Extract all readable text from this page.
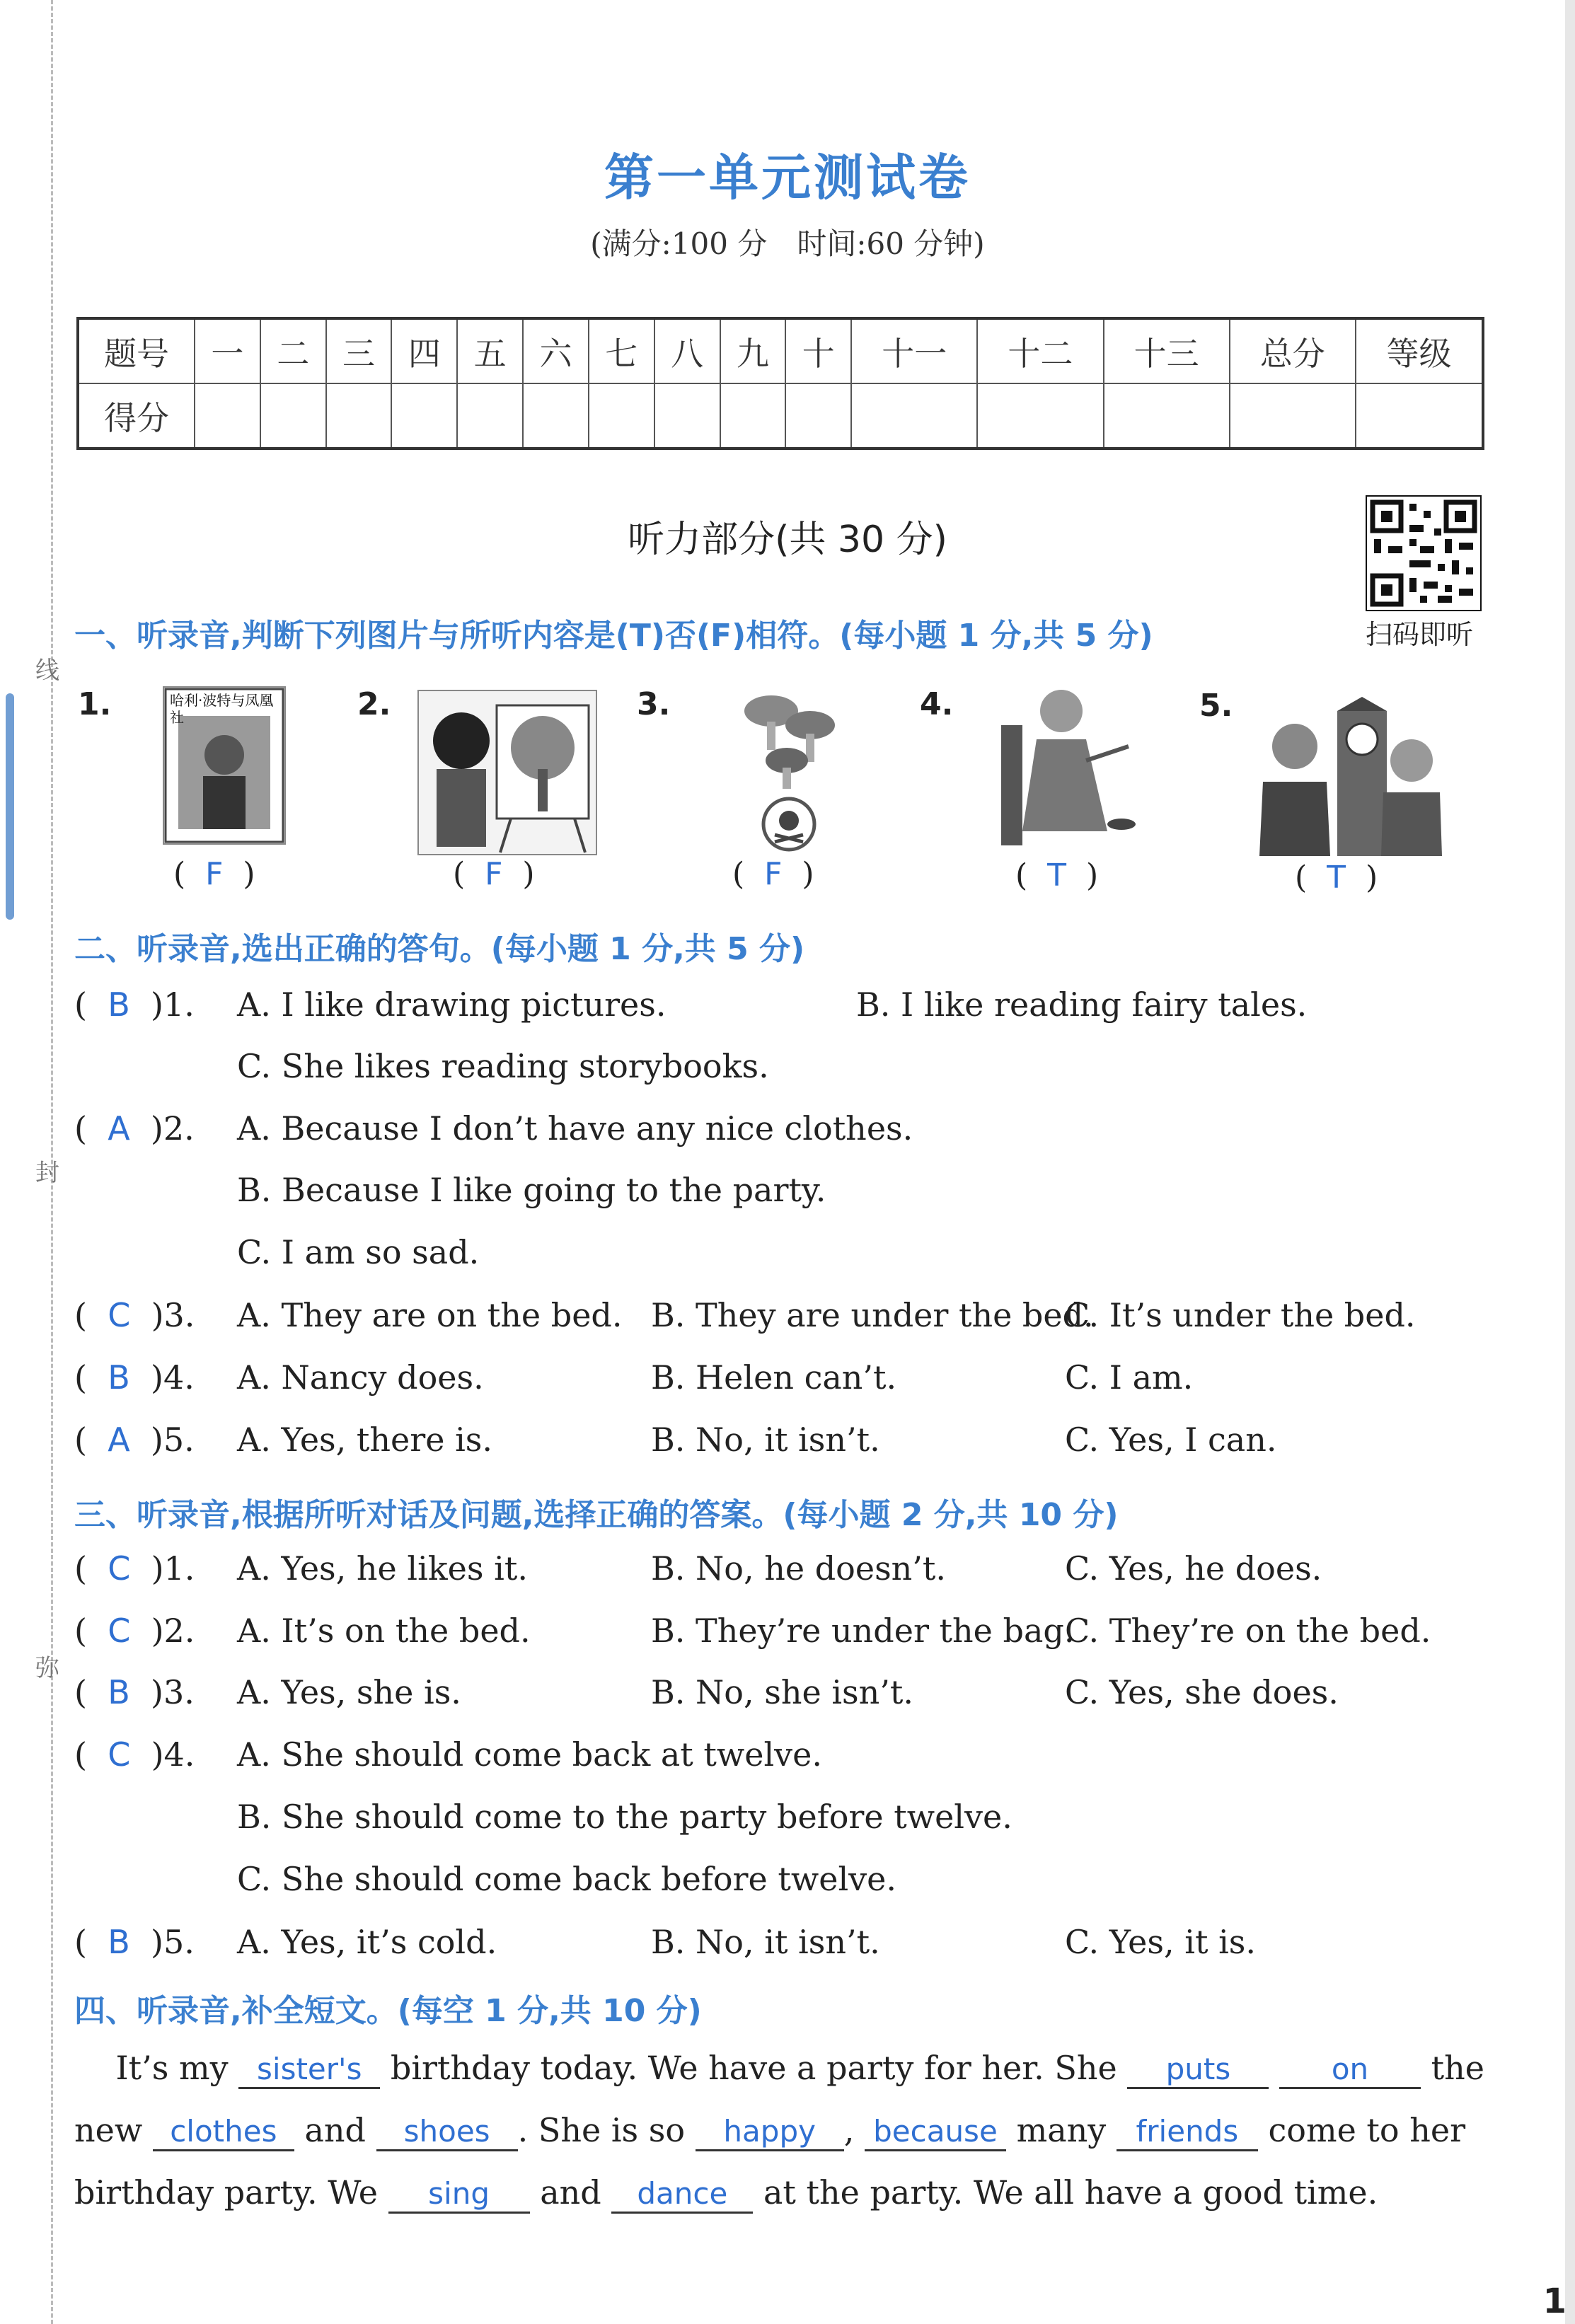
线
封
弥
1
第一单元测试卷
(满分:100 分　时间:60 分钟)
题号	一	二	三	四	五	六	七	八	九	十	十一	十二	十三	总分	等级
得分															
听力部分(共 30 分)
扫码即听
一、听录音,判断下列图片与所听内容是(T)否(F)相符。(每小题 1 分,共 5 分)
1.	哈利·波特与凤凰社
(  F  )
2.
(  F  )
3.
(  F  )
4.
(  T  )
5.
(  T  )
二、听录音,选出正确的答句。(每小题 1 分,共 5 分)
(  B  )1. A. I like drawing pictures.	B. I like reading fairy tales.
C. She likes reading storybooks.
(  A  )2. A. Because I don’t have any nice clothes.
B. Because I like going to the party.
C. I am so sad.
(  C  )3. A. They are on the bed. B. They are under the bed.
C. It’s under the bed.
(  B  )4. A. Nancy does.	B. Helen can’t.	C. I am.
(  A  )5. A. Yes, there is.	B. No, it isn’t.	C. Yes, I can.
三、听录音,根据所听对话及问题,选择正确的答案。(每小题 2 分,共 10 分)
(  C  )1. A. Yes, he likes it.	B. No, he doesn’t.	C. Yes, he does.
(  C  )2. A. It’s on the bed.	B. They’re under the bag.
C. They’re on the bed.
(  B  )3. A. Yes, she is.	B. No, she isn’t.	C. Yes, she does.
(  C  )4. A. She should come back at twelve.
B. She should come to the party before twelve.
C. She should come back before twelve.
(  B  )5. A. Yes, it’s cold.	B. No, it isn’t.	C. Yes, it is.
四、听录音,补全短文。(每空 1 分,共 10 分)
It’s my sister's birthday today. We have a party for her. She puts	on the
new clothes and shoes . She is so happy , because many friends come to her
birthday party. We sing and dance at the party. We all have a good time.
